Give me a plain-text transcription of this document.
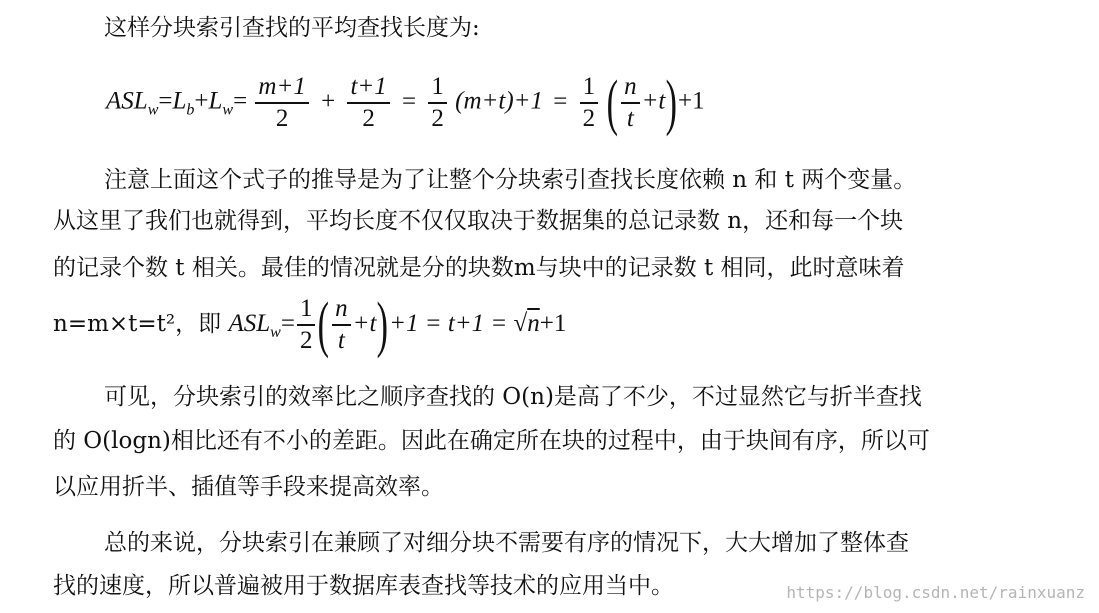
这样分块索引查找的平均查找长度为:
$ASL_w=L_b+L_w= \frac{m+1}{2} + \frac{t+1}{2} = \frac{1}{2} (m+t)+1 = \frac{1}{2}$ ( $\frac{n}{t} +t)+1$
注意上面这个式子的推导是为了让整个分块索引查找长度依赖 n 和 t 两个变量。
从这里了我们也就得到，平均长度不仅仅取决于数据集的总记录数 n，还和每一个块
的记录个数 t 相关。最佳的情况就是分的块数m与块中的记录数 t 相同，此时意味着
n=m×t=t²，即 $ASL_w= \frac{1}{2}$ ( $\frac{n}{t} +t)+1 = t+1 = √n+1$
可见，分块索引的效率比之顺序查找的 O(n)是高了不少，不过显然它与折半查找
的 O(logn)相比还有不小的差距。因此在确定所在块的过程中，由于块间有序，所以可
以应用折半、插值等手段来提高效率。
总的来说，分块索引在兼顾了对细分块不需要有序的情况下，大大增加了整体查
找的速度，所以普遍被用于数据库表查找等技术的应用当中。	https://blog.csdn.net/rainxuanz
